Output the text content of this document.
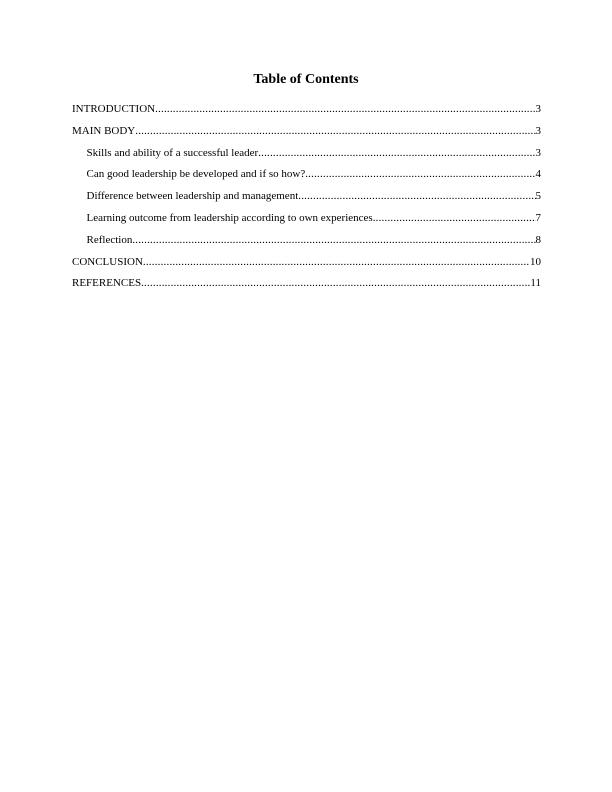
Table of Contents
INTRODUCTION .....	3
MAIN BODY .....	3
Skills and ability of a successful leader .....	3
Can good leadership be developed and if so how? .....	4
Difference between leadership and management .....	5
Learning outcome from leadership according to own experiences .....	7
Reflection .....	8
CONCLUSION .....	10
REFERENCES .....	11
